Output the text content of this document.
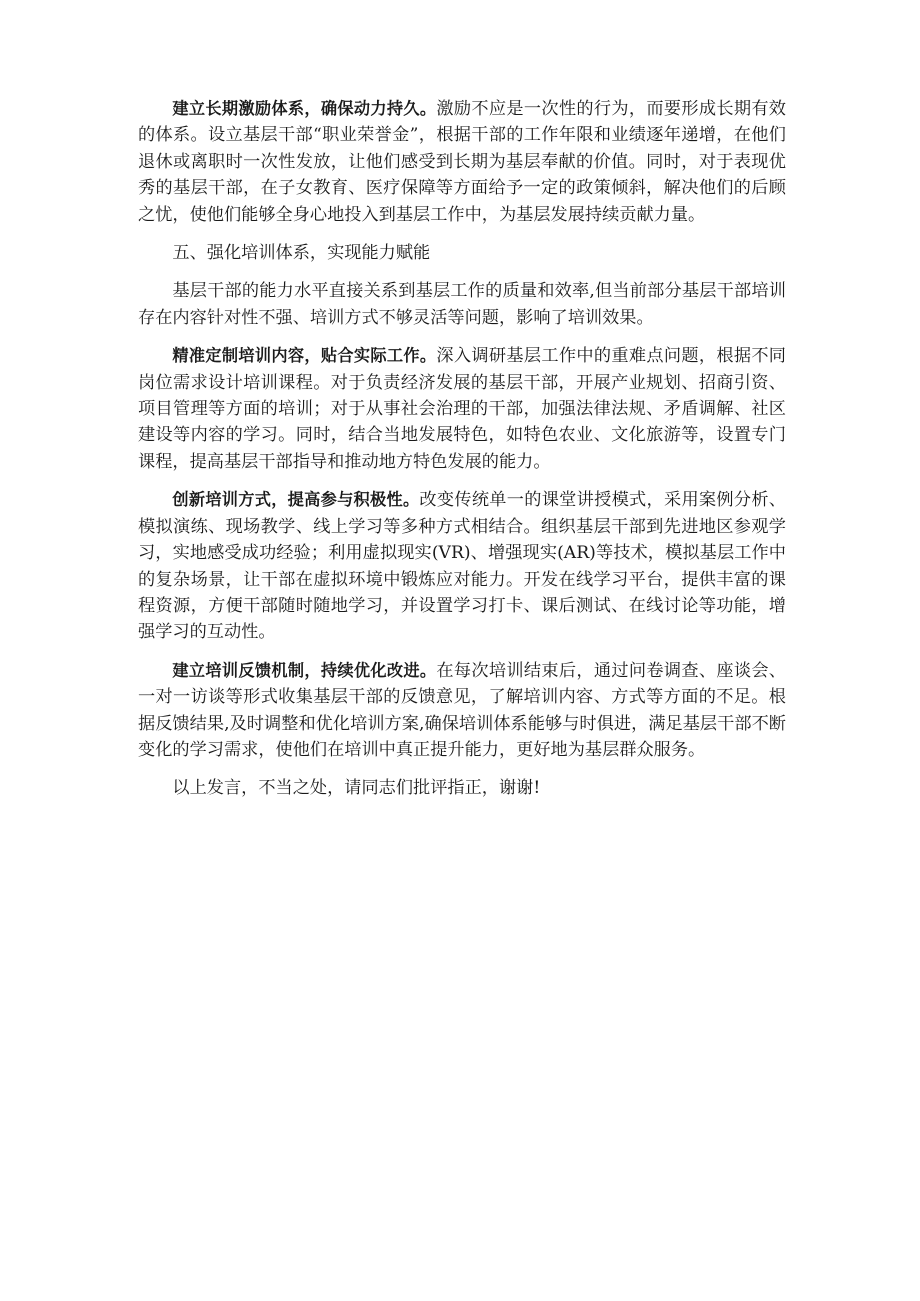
建立长期激励体系，确保动力持久。激励不应是一次性的行为，而要形成长期有效的体系。设立基层干部“职业荣誉金”，根据干部的工作年限和业绩逐年递增，在他们退休或离职时一次性发放，让他们感受到长期为基层奉献的价值。同时，对于表现优秀的基层干部，在子女教育、医疗保障等方面给予一定的政策倾斜，解决他们的后顾之忧，使他们能够全身心地投入到基层工作中，为基层发展持续贡献力量。

五、强化培训体系，实现能力赋能

基层干部的能力水平直接关系到基层工作的质量和效率,但当前部分基层干部培训存在内容针对性不强、培训方式不够灵活等问题，影响了培训效果。

精准定制培训内容，贴合实际工作。深入调研基层工作中的重难点问题，根据不同岗位需求设计培训课程。对于负责经济发展的基层干部，开展产业规划、招商引资、项目管理等方面的培训；对于从事社会治理的干部，加强法律法规、矛盾调解、社区建设等内容的学习。同时，结合当地发展特色，如特色农业、文化旅游等，设置专门课程，提高基层干部指导和推动地方特色发展的能力。

创新培训方式，提高参与积极性。改变传统单一的课堂讲授模式，采用案例分析、模拟演练、现场教学、线上学习等多种方式相结合。组织基层干部到先进地区参观学习，实地感受成功经验；利用虚拟现实(VR)、增强现实(AR)等技术，模拟基层工作中的复杂场景，让干部在虚拟环境中锻炼应对能力。开发在线学习平台，提供丰富的课程资源，方便干部随时随地学习，并设置学习打卡、课后测试、在线讨论等功能，增强学习的互动性。

建立培训反馈机制，持续优化改进。在每次培训结束后，通过问卷调查、座谈会、一对一访谈等形式收集基层干部的反馈意见，了解培训内容、方式等方面的不足。根据反馈结果,及时调整和优化培训方案,确保培训体系能够与时俱进，满足基层干部不断变化的学习需求，使他们在培训中真正提升能力，更好地为基层群众服务。

以上发言，不当之处，请同志们批评指正，谢谢!
